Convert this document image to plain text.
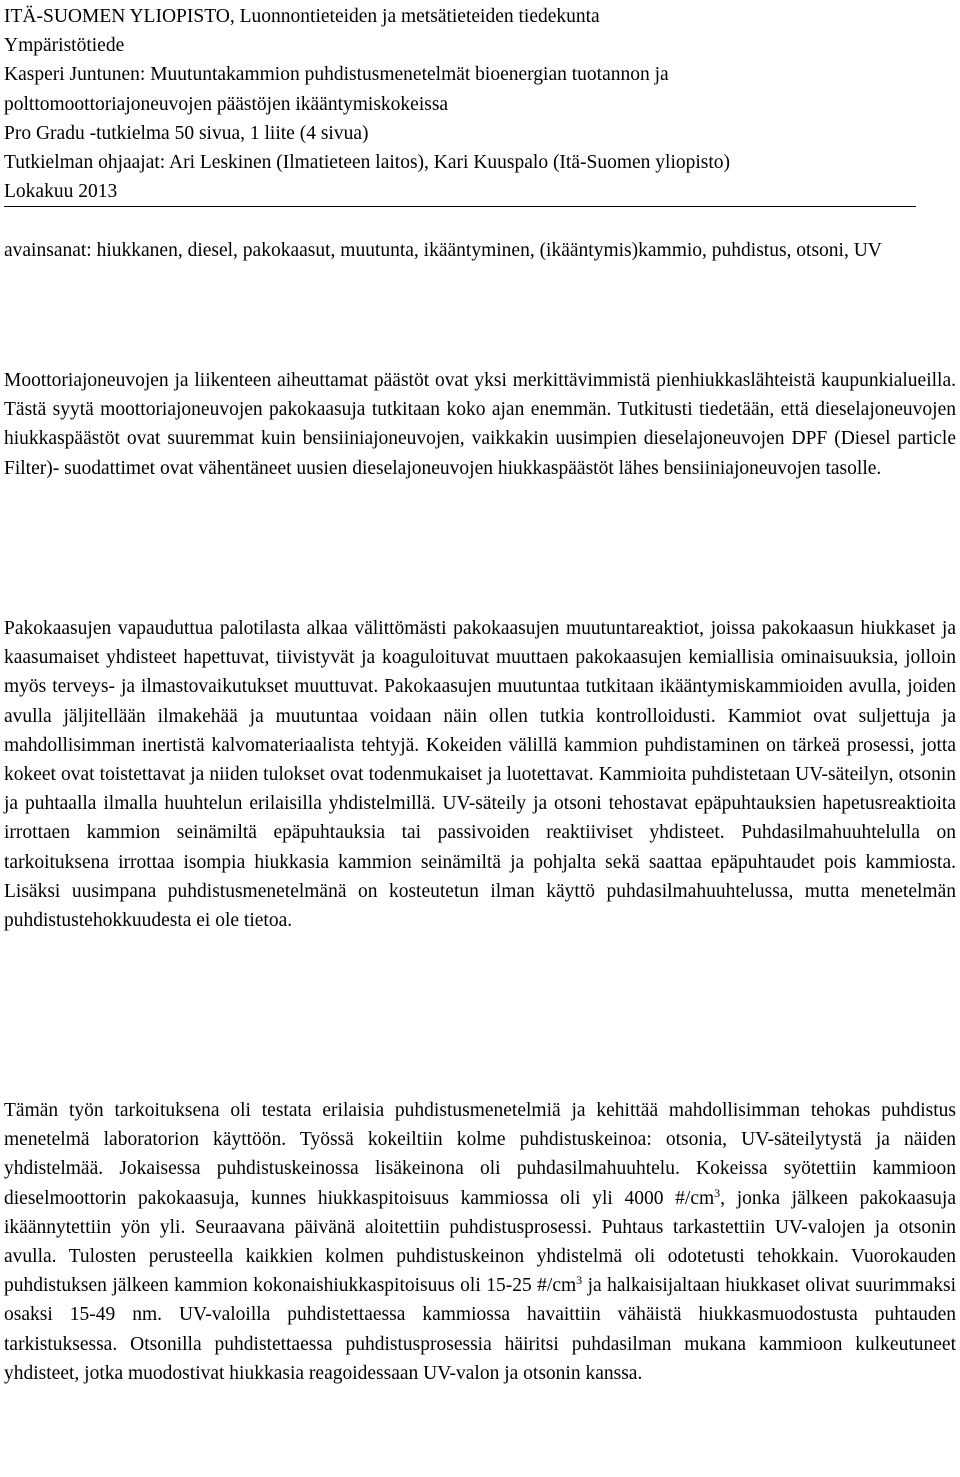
ITÄ-SUOMEN YLIOPISTO, Luonnontieteiden ja metsätieteiden tiedekunta
Ympäristötiede
Kasperi Juntunen: Muutuntakammion puhdistusmenetelmät bioenergian tuotannon ja
polttomoottoriajoneuvojen päästöjen ikääntymiskokeissa
Pro Gradu -tutkielma 50 sivua, 1 liite (4 sivua)
Tutkielman ohjaajat: Ari Leskinen (Ilmatieteen laitos), Kari Kuuspalo (Itä-Suomen yliopisto)
Lokakuu 2013
avainsanat: hiukkanen, diesel, pakokaasut, muutunta, ikääntyminen, (ikääntymis)kammio, puhdistus, otsoni, UV
Moottoriajoneuvojen ja liikenteen aiheuttamat päästöt ovat yksi merkittävimmistä pienhiukkaslähteistä kaupunkialueilla. Tästä syytä moottoriajoneuvojen pakokaasuja tutkitaan koko ajan enemmän. Tutkitusti tiedetään, että dieselajoneuvojen hiukkaspäästöt ovat suuremmat kuin bensiiniajoneuvojen, vaikkakin uusimpien dieselajoneuvojen DPF (Diesel particle Filter)- suodattimet ovat vähentäneet uusien dieselajoneuvojen hiukkaspäästöt lähes bensiiniajoneuvojen tasolle.
Pakokaasujen vapauduttua palotilasta alkaa välittömästi pakokaasujen muutuntareaktiot, joissa pakokaasun hiukkaset ja kaasumaiset yhdisteet hapettuvat, tiivistyvät ja koaguloituvat muuttaen pakokaasujen kemiallisia ominaisuuksia, jolloin myös terveys- ja ilmastovaikutukset muuttuvat. Pakokaasujen muutuntaa tutkitaan ikääntymiskammioiden avulla, joiden avulla jäljitellään ilmakehää ja muutuntaa voidaan näin ollen tutkia kontrolloidusti. Kammiot ovat suljettuja ja mahdollisimman inertistä kalvomateriaalista tehtyjä. Kokeiden välillä kammion puhdistaminen on tärkeä prosessi, jotta kokeet ovat toistettavat ja niiden tulokset ovat todenmukaiset ja luotettavat. Kammioita puhdistetaan UV-säteilyn, otsonin ja puhtaalla ilmalla huuhtelun erilaisilla yhdistelmillä. UV-säteily ja otsoni tehostavat epäpuhtauksien hapetusreaktioita irrottaen kammion seinämiltä epäpuhtauksia tai passivoiden reaktiiviset yhdisteet. Puhdasilmahuuhtelulla on tarkoituksena irrottaa isompia hiukkasia kammion seinämiltä ja pohjalta sekä saattaa epäpuhtaudet pois kammiosta. Lisäksi uusimpana puhdistusmenetelmänä on kosteutetun ilman käyttö puhdasilmahuuhtelussa, mutta menetelmän puhdistustehokkuudesta ei ole tietoa.
Tämän työn tarkoituksena oli testata erilaisia puhdistusmenetelmiä ja kehittää mahdollisimman tehokas puhdistus menetelmä laboratorion käyttöön. Työssä kokeiltiin kolme puhdistuskeinoa: otsonia, UV-säteilytystä ja näiden yhdistelmää. Jokaisessa puhdistuskeinossa lisäkeinona oli puhdasilmahuuhtelu. Kokeissa syötettiin kammioon dieselmoottorin pakokaasuja, kunnes hiukkaspitoisuus kammiossa oli yli 4000 $\#/cm^3$, jonka jälkeen pakokaasuja ikäännytettiin yön yli. Seuraavana päivänä aloitettiin puhdistusprosessi. Puhtaus tarkastettiin UV-valojen ja otsonin avulla. Tulosten perusteella kaikkien kolmen puhdistuskeinon yhdistelmä oli odotetusti tehokkain. Vuorokauden puhdistuksen jälkeen kammion kokonaishiukkaspitoisuus oli 15-25 $\#/cm^3$ ja halkaisijaltaan hiukkaset olivat suurimmaksi osaksi 15-49 nm. UV-valoilla puhdistettaessa kammiossa havaittiin vähäistä hiukkasmuodostusta puhtauden tarkistuksessa. Otsonilla puhdistettaessa puhdistusprosessia häiritsi puhdasilman mukana kammioon kulkeutuneet yhdisteet, jotka muodostivat hiukkasia reagoidessaan UV-valon ja otsonin kanssa.
